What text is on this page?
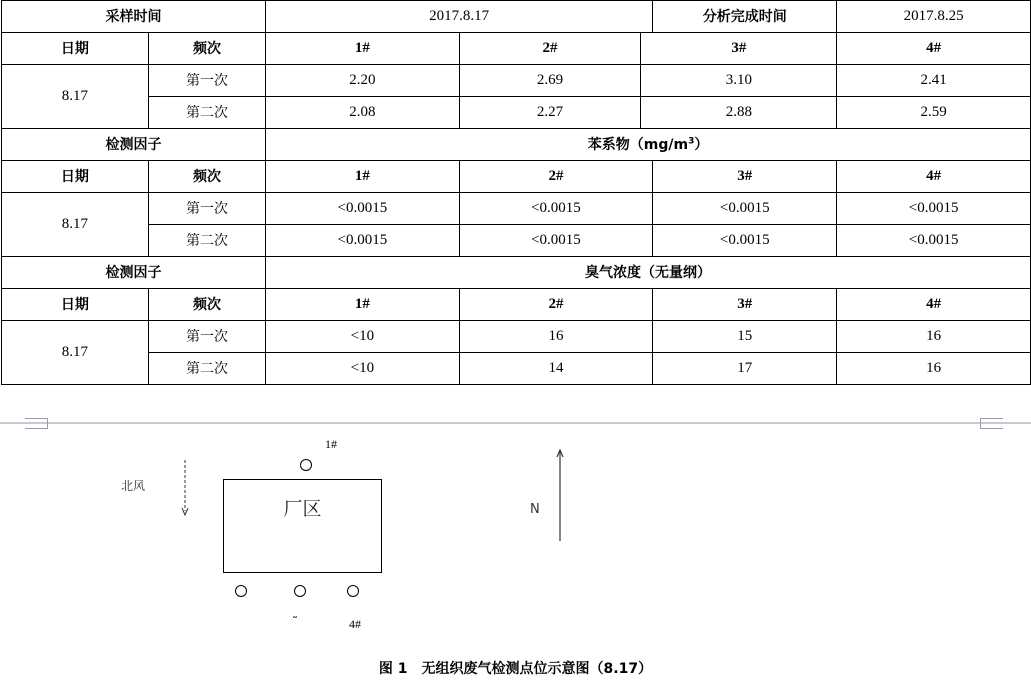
采样时间		2017.8.17			分析完成时间	2017.8.25
日期	频次	1#	2#	3#		4#
8.17	第一次	2.20	2.69	3.10		2.41
	第二次	2.08	2.27	2.88		2.59
检测因子		苯系物$(mg/m^3)$				
日期	频次	1#	2#		3#	4#
8.17	第一次	<0.0015	<0.0015		<0.0015	<0.0015
	第二次	<0.0015	<0.0015		<0.0015	<0.0015
检测因子		臭气浓度（无量纲）				
日期	频次	1#	2#		3#	4#
8.17	第一次	<10	16		15	16
	第二次	<10	14		17	16
北风
N
厂区
1#
˜	4#
图 1　无组织废气检测点位示意图（8.17）
